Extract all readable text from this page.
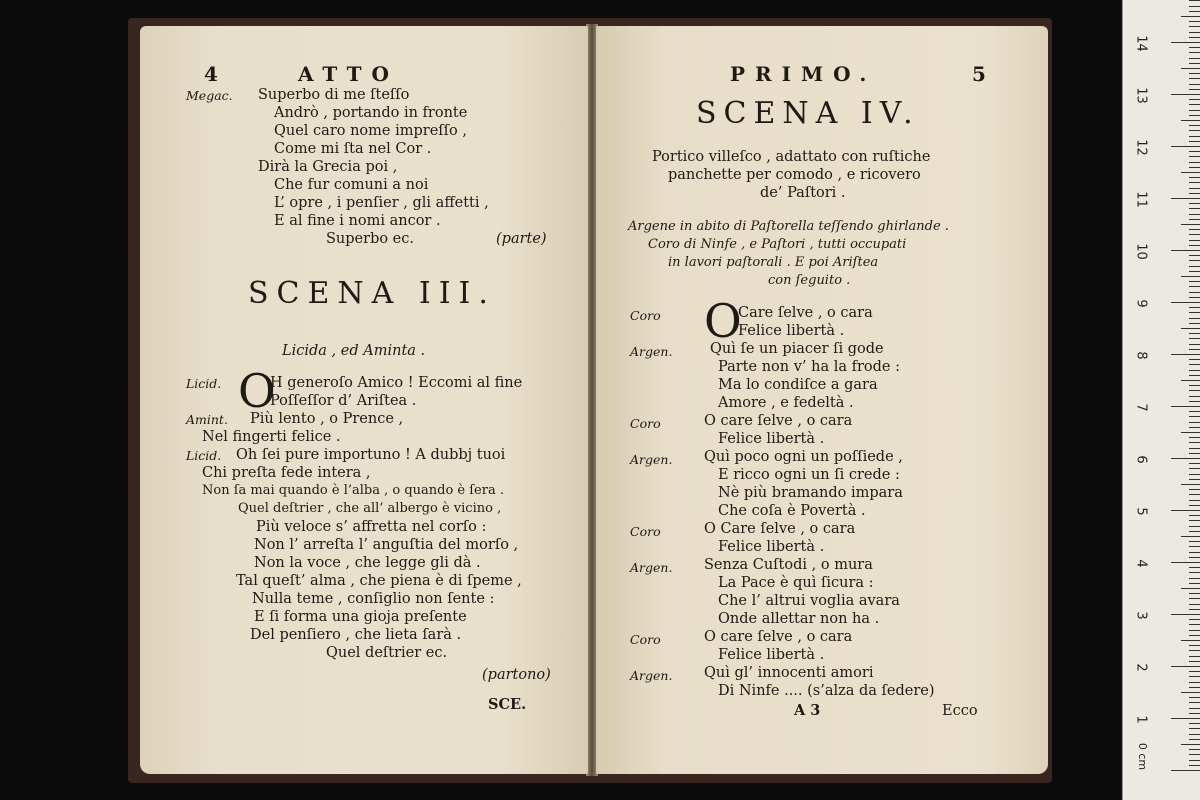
4	ATTO
Megac. Superbo di me ſteſſo
Andrò , portando in fronte
Quel caro nome impreſſo ,
Come mi ſta nel Cor .
Dirà la Grecia poi ,
Che fur comuni a noi
L’ opre , i penſier , gli affetti ,
E al fine i nomi ancor .
Superbo ec.	(parte)
SCENA III.
Licida , ed Aminta .
Licid. O
H generoſo Amico ! Eccomi al fine
Poſſeſſor d’ Ariſtea .
Amint. Più lento , o Prence ,
Nel fingerti felice .
Licid. Oh ſei pure importuno ! A dubbj tuoi
Chi preſta fede intera ,
Non ſa mai quando è l’alba , o quando è ſera .
Quel deſtrier , che all’ albergo è vicino ,
Più veloce s’ affretta nel corſo :
Non l’ arreſta l’ anguſtia del morſo ,
Non la voce , che legge gli dà .
Tal queſt’ alma , che piena è di ſpeme ,
Nulla teme , conſiglio non ſente :
E ſi forma una gioja preſente
Del penſiero , che lieta ſarà .
Quel deſtrier ec.
(partono)
SCE.
PRIMO.	5
SCENA IV.
Portico villeſco , adattato con ruſtiche
panchette per comodo , e ricovero
de’ Paſtori .
Argene in abito di Paſtorella teſſendo ghirlande .
Coro di Ninfe , e Paſtori , tutti occupati
in lavori paſtorali . E poi Ariſtea
con ſeguito .
Coro O
Care ſelve , o cara
Felice libertà .
Argen.	Quì ſe un piacer ſi gode
Parte non v’ ha la frode :
Ma lo condiſce a gara
Amore , e fedeltà .
Coro	O care ſelve , o cara
Felice libertà .
Argen. Quì poco ogni un poſſiede ,
E ricco ogni un ſi crede :
Nè più bramando impara
Che coſa è Povertà .
Coro	O Care ſelve , o cara
Felice libertà .
Argen. Senza Cuſtodi , o mura
La Pace è quì ſicura :
Che l’ altrui voglia avara
Onde allettar non ha .
Coro	O care ſelve , o cara
Felice libertà .
Argen. Quì gl’ innocenti amori
Di Ninfe .... (s’alza da ſedere)
A 3	Ecco
0 cm
1
2
3
4
5
6
7
8
9
10
11
12
13
14
